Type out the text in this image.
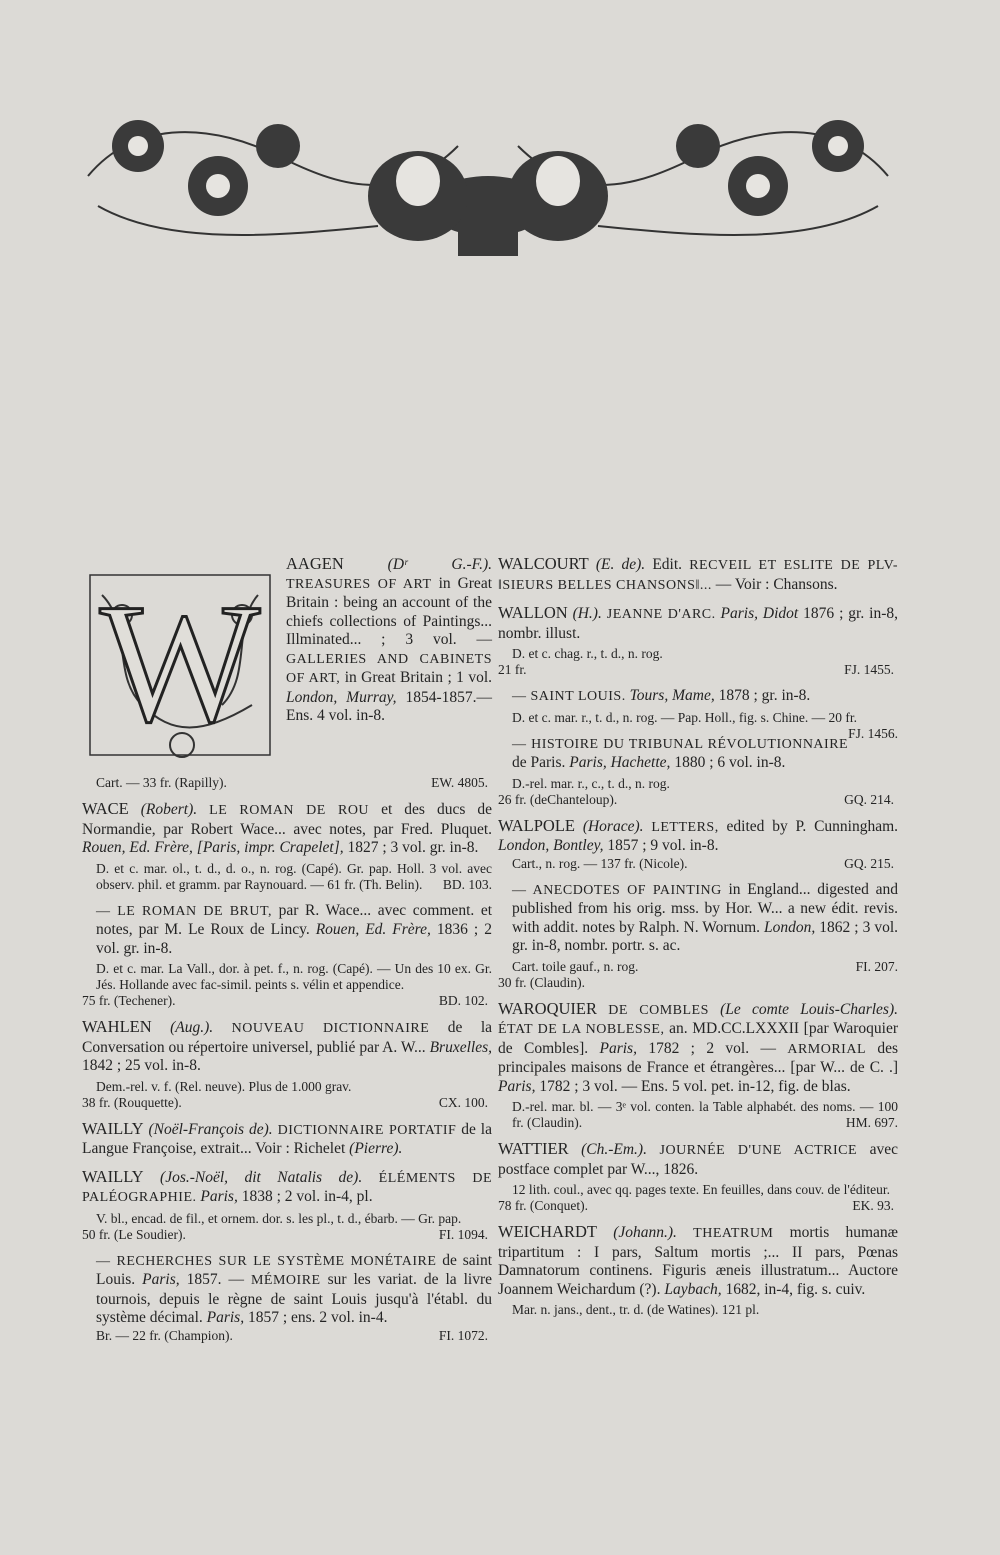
W

AAGEN	(Dʳ G.-F.). TREASURES OF ART in Great Britain : being an account of the chiefs collections of Paintings... Illminated... ; 3 vol. — GALLERIES AND CABINETS OF ART, in Great Britain ; 1 vol. London, Murray, 1854-1857.— Ens. 4 vol. in-8.

Cart. — 33 fr. (Rapilly).	EW. 4805.

WACE (Robert). LE ROMAN DE ROU et des ducs de Normandie, par Robert Wace... avec notes, par Fred. Pluquet. Rouen, Ed. Frère, [Paris, impr. Crapelet], 1827 ; 3 vol. gr. in-8.

D. et c. mar. ol., t. d., d. o., n. rog. (Capé). Gr. pap. Holl. 3 vol. avec observ. phil. et gramm. par Raynouard. — 61 fr. (Th. Belin). BD. 103.

— LE ROMAN DE BRUT, par R. Wace... avec comment. et notes, par M. Le Roux de Lincy. Rouen, Ed. Frère, 1836 ; 2 vol. gr. in-8.

D. et c. mar. La Vall., dor. à pet. f., n. rog. (Capé). — Un des 10 ex. Gr. Jés. Hollande avec fac-simil. peints s. vélin et appendice.
75 fr. (Techener).	BD. 102.

WAHLEN (Aug.). NOUVEAU DICTIONNAIRE de la Conversation ou répertoire universel, publié par A. W... Bruxelles, 1842 ; 25 vol. in-8.

Dem.-rel. v. f. (Rel. neuve). Plus de 1.000 grav.
38 fr. (Rouquette).	CX. 100.

WAILLY (Noël-François de). DICTIONNAIRE PORTATIF de la Langue Françoise, extrait... Voir : Richelet (Pierre).

WAILLY (Jos.-Noël, dit Natalis de). ÉLÉMENTS DE PALÉOGRAPHIE. Paris, 1838 ; 2 vol. in-4, pl.

V. bl., encad. de fil., et ornem. dor. s. les pl., t. d., ébarb. — Gr. pap.
50 fr. (Le Soudier).	FI. 1094.

— RECHERCHES SUR LE SYSTÈME MONÉTAIRE de saint Louis. Paris, 1857. — MÉMOIRE sur les variat. de la livre tournois, depuis le règne de saint Louis jusqu'à l'établ. du système décimal. Paris, 1857 ; ens. 2 vol. in-4.

Br. — 22 fr. (Champion).	FI. 1072.

WALCOURT (E. de). Edit. RECVEIL ET ESLITE DE PLV-‖SIEURS BELLES CHANSONS‖... — Voir : Chansons.

WALLON (H.). JEANNE D'ARC. Paris, Didot 1876 ; gr. in-8, nombr. illust.

D. et c. chag. r., t. d., n. rog.
21 fr.	FJ. 1455.

— SAINT LOUIS. Tours, Mame, 1878 ; gr. in-8.

D. et c. mar. r., t. d., n. rog. — Pap. Holl., fig. s. Chine. — 20 fr.
FJ. 1456.

— HISTOIRE DU TRIBUNAL RÉVOLUTIONNAIRE de Paris. Paris, Hachette, 1880 ; 6 vol. in-8.

D.-rel. mar. r., c., t. d., n. rog.
26 fr. (deChanteloup).	GQ. 214.

WALPOLE (Horace). LETTERS, edited by P. Cunningham. London, Bontley, 1857 ; 9 vol. in-8.

Cart., n. rog. — 137 fr. (Nicole).	GQ. 215.

— ANECDOTES OF PAINTING in England... digested and published from his orig. mss. by Hor. W... a new édit. revis. with addit. notes by Ralph. N. Wornum. London, 1862 ; 3 vol. gr. in-8, nombr. portr. s. ac.

Cart. toile gauf., n. rog.	FI. 207.
30 fr. (Claudin).

WAROQUIER DE COMBLES (Le comte Louis-Charles). ÉTAT DE LA NOBLESSE, an. MD.CC.LXXXII [par Waroquier de Combles]. Paris, 1782 ; 2 vol. — ARMORIAL des principales maisons de France et étrangères... [par W... de C. .] Paris, 1782 ; 3 vol. — Ens. 5 vol. pet. in-12, fig. de blas.

D.-rel. mar. bl. — 3ᵉ vol. conten. la Table alphabét. des noms. — 100 fr. (Claudin).	HM. 697.

WATTIER (Ch.-Em.). JOURNÉE D'UNE ACTRICE avec postface complet par W..., 1826.

12 lith. coul., avec qq. pages texte. En feuilles, dans couv. de l'éditeur.
78 fr. (Conquet).	EK. 93.

WEICHARDT (Johann.). THEATRUM mortis humanæ tripartitum : I pars, Saltum mortis ;... II pars, Pœnas Damnatorum continens. Figuris æneis illustratum... Auctore Joannem Weichardum (?). Laybach, 1682, in-4, fig. s. cuiv.

Mar. n. jans., dent., tr. d. (de Watines). 121 pl.
